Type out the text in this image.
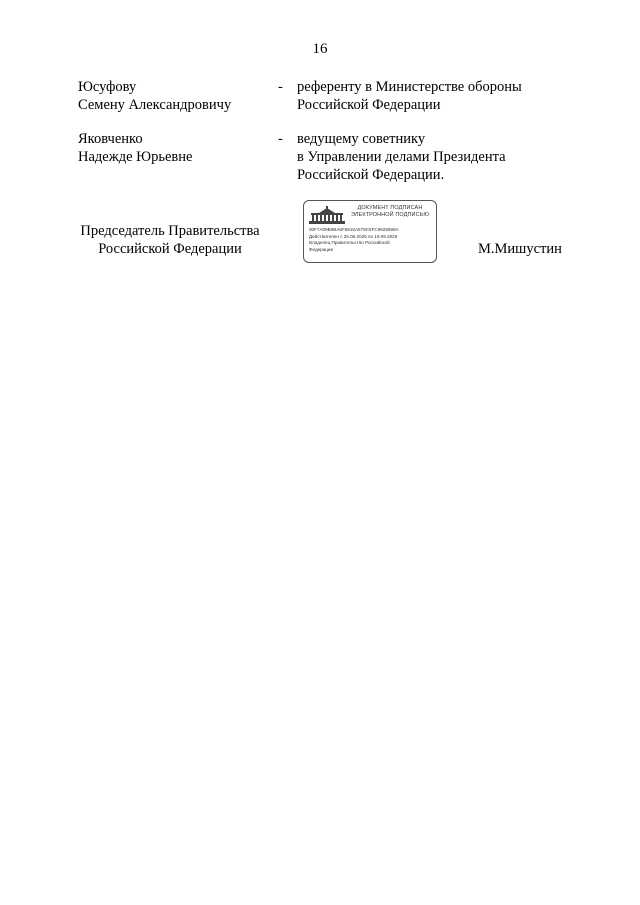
16
Юсуфову
Семену Александровичу
- референту в Министерстве обороны
Российской Федерации
Яковченко
Надежде Юрьевне
- ведущему советнику
в Управлении делами Президента
Российской Федерации.
Председатель Правительства
Российской Федерации
ДОКУМЕНТ ПОДПИСАН
ЭЛЕКТРОННОЙ ПОДПИСЬЮ
00F7A09B0BA6F6915A579C5FC9625989A
Действителен с 25.06.2025 по 19.09.2026
Владелец Правительство Российской
Федерации	М.Мишустин
